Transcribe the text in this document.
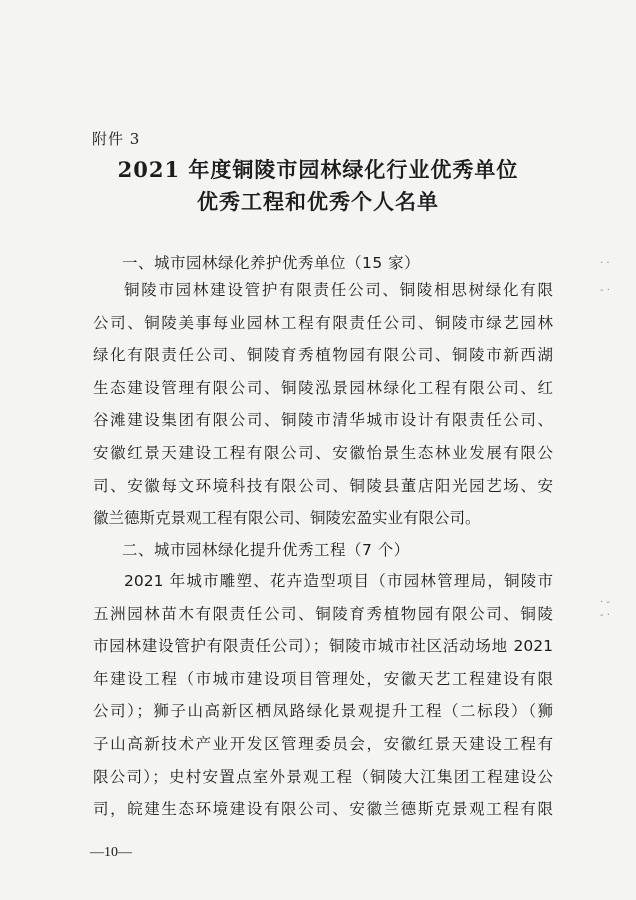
附件 3
2021 年度铜陵市园林绿化行业优秀单位
优秀工程和优秀个人名单
一、城市园林绿化养护优秀单位（15 家）
铜陵市园林建设管护有限责任公司、铜陵相思树绿化有限
公司、铜陵美事每业园林工程有限责任公司、铜陵市绿艺园林
绿化有限责任公司、铜陵育秀植物园有限公司、铜陵市新西湖
生态建设管理有限公司、铜陵泓景园林绿化工程有限公司、红
谷滩建设集团有限公司、铜陵市清华城市设计有限责任公司、
安徽红景天建设工程有限公司、安徽怡景生态林业发展有限公
司、安徽每文环境科技有限公司、铜陵县董店阳光园艺场、安
徽兰德斯克景观工程有限公司、铜陵宏盈实业有限公司。
二、城市园林绿化提升优秀工程（7 个）
2021 年城市雕塑、花卉造型项目（市园林管理局，铜陵市
五洲园林苗木有限责任公司、铜陵育秀植物园有限公司、铜陵
市园林建设管护有限责任公司）；铜陵市城市社区活动场地 2021
年建设工程（市城市建设项目管理处，安徽天艺工程建设有限
公司）；狮子山高新区栖凤路绿化景观提升工程（二标段）（狮
子山高新技术产业开发区管理委员会，安徽红景天建设工程有
限公司）；史村安置点室外景观工程（铜陵大江集团工程建设公
司，皖建生态环境建设有限公司、安徽兰德斯克景观工程有限
—10—
· ·
- ·
· -
- ·
